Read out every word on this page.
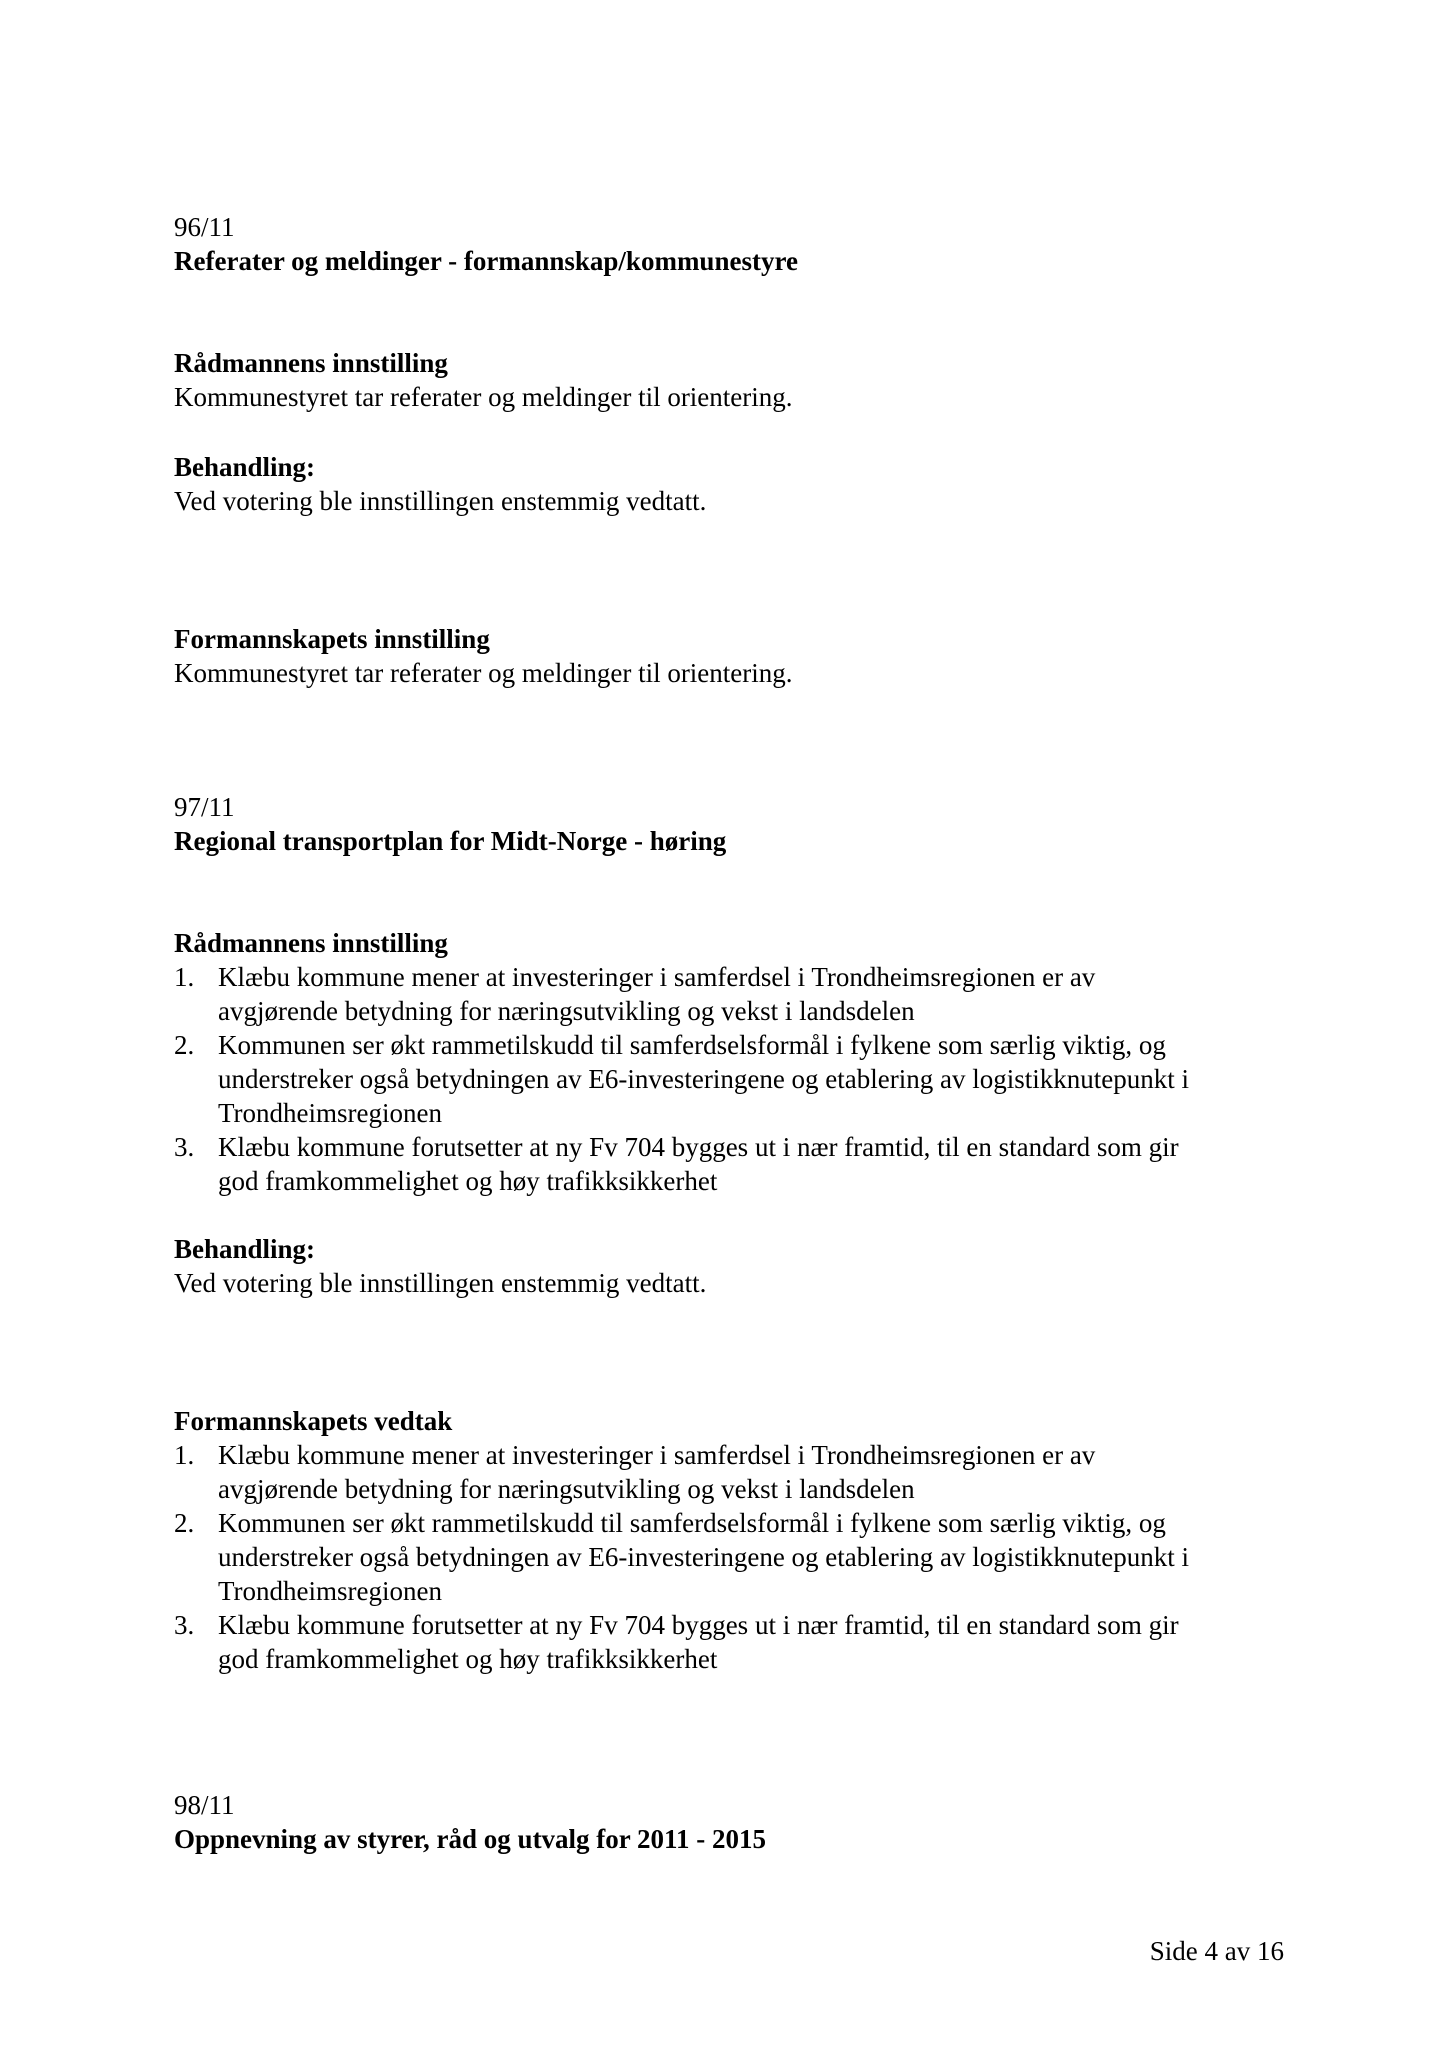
96/11
Referater og meldinger - formannskap/kommunestyre
Rådmannens innstilling
Kommunestyret tar referater og meldinger til orientering.
Behandling:
Ved votering ble innstillingen enstemmig vedtatt.
Formannskapets innstilling
Kommunestyret tar referater og meldinger til orientering.
97/11
Regional transportplan for Midt-Norge - høring
Rådmannens innstilling
1. Klæbu kommune mener at investeringer i samferdsel i Trondheimsregionen er av
avgjørende betydning for næringsutvikling og vekst i landsdelen
2. Kommunen ser økt rammetilskudd til samferdselsformål i fylkene som særlig viktig, og
understreker også betydningen av E6-investeringene og etablering av logistikknutepunkt i
Trondheimsregionen
3. Klæbu kommune forutsetter at ny Fv 704 bygges ut i nær framtid, til en standard som gir
god framkommelighet og høy trafikksikkerhet
Behandling:
Ved votering ble innstillingen enstemmig vedtatt.
Formannskapets vedtak
1. Klæbu kommune mener at investeringer i samferdsel i Trondheimsregionen er av
avgjørende betydning for næringsutvikling og vekst i landsdelen
2. Kommunen ser økt rammetilskudd til samferdselsformål i fylkene som særlig viktig, og
understreker også betydningen av E6-investeringene og etablering av logistikknutepunkt i
Trondheimsregionen
3. Klæbu kommune forutsetter at ny Fv 704 bygges ut i nær framtid, til en standard som gir
god framkommelighet og høy trafikksikkerhet
98/11
Oppnevning av styrer, råd og utvalg for 2011 - 2015
Side 4 av 16
